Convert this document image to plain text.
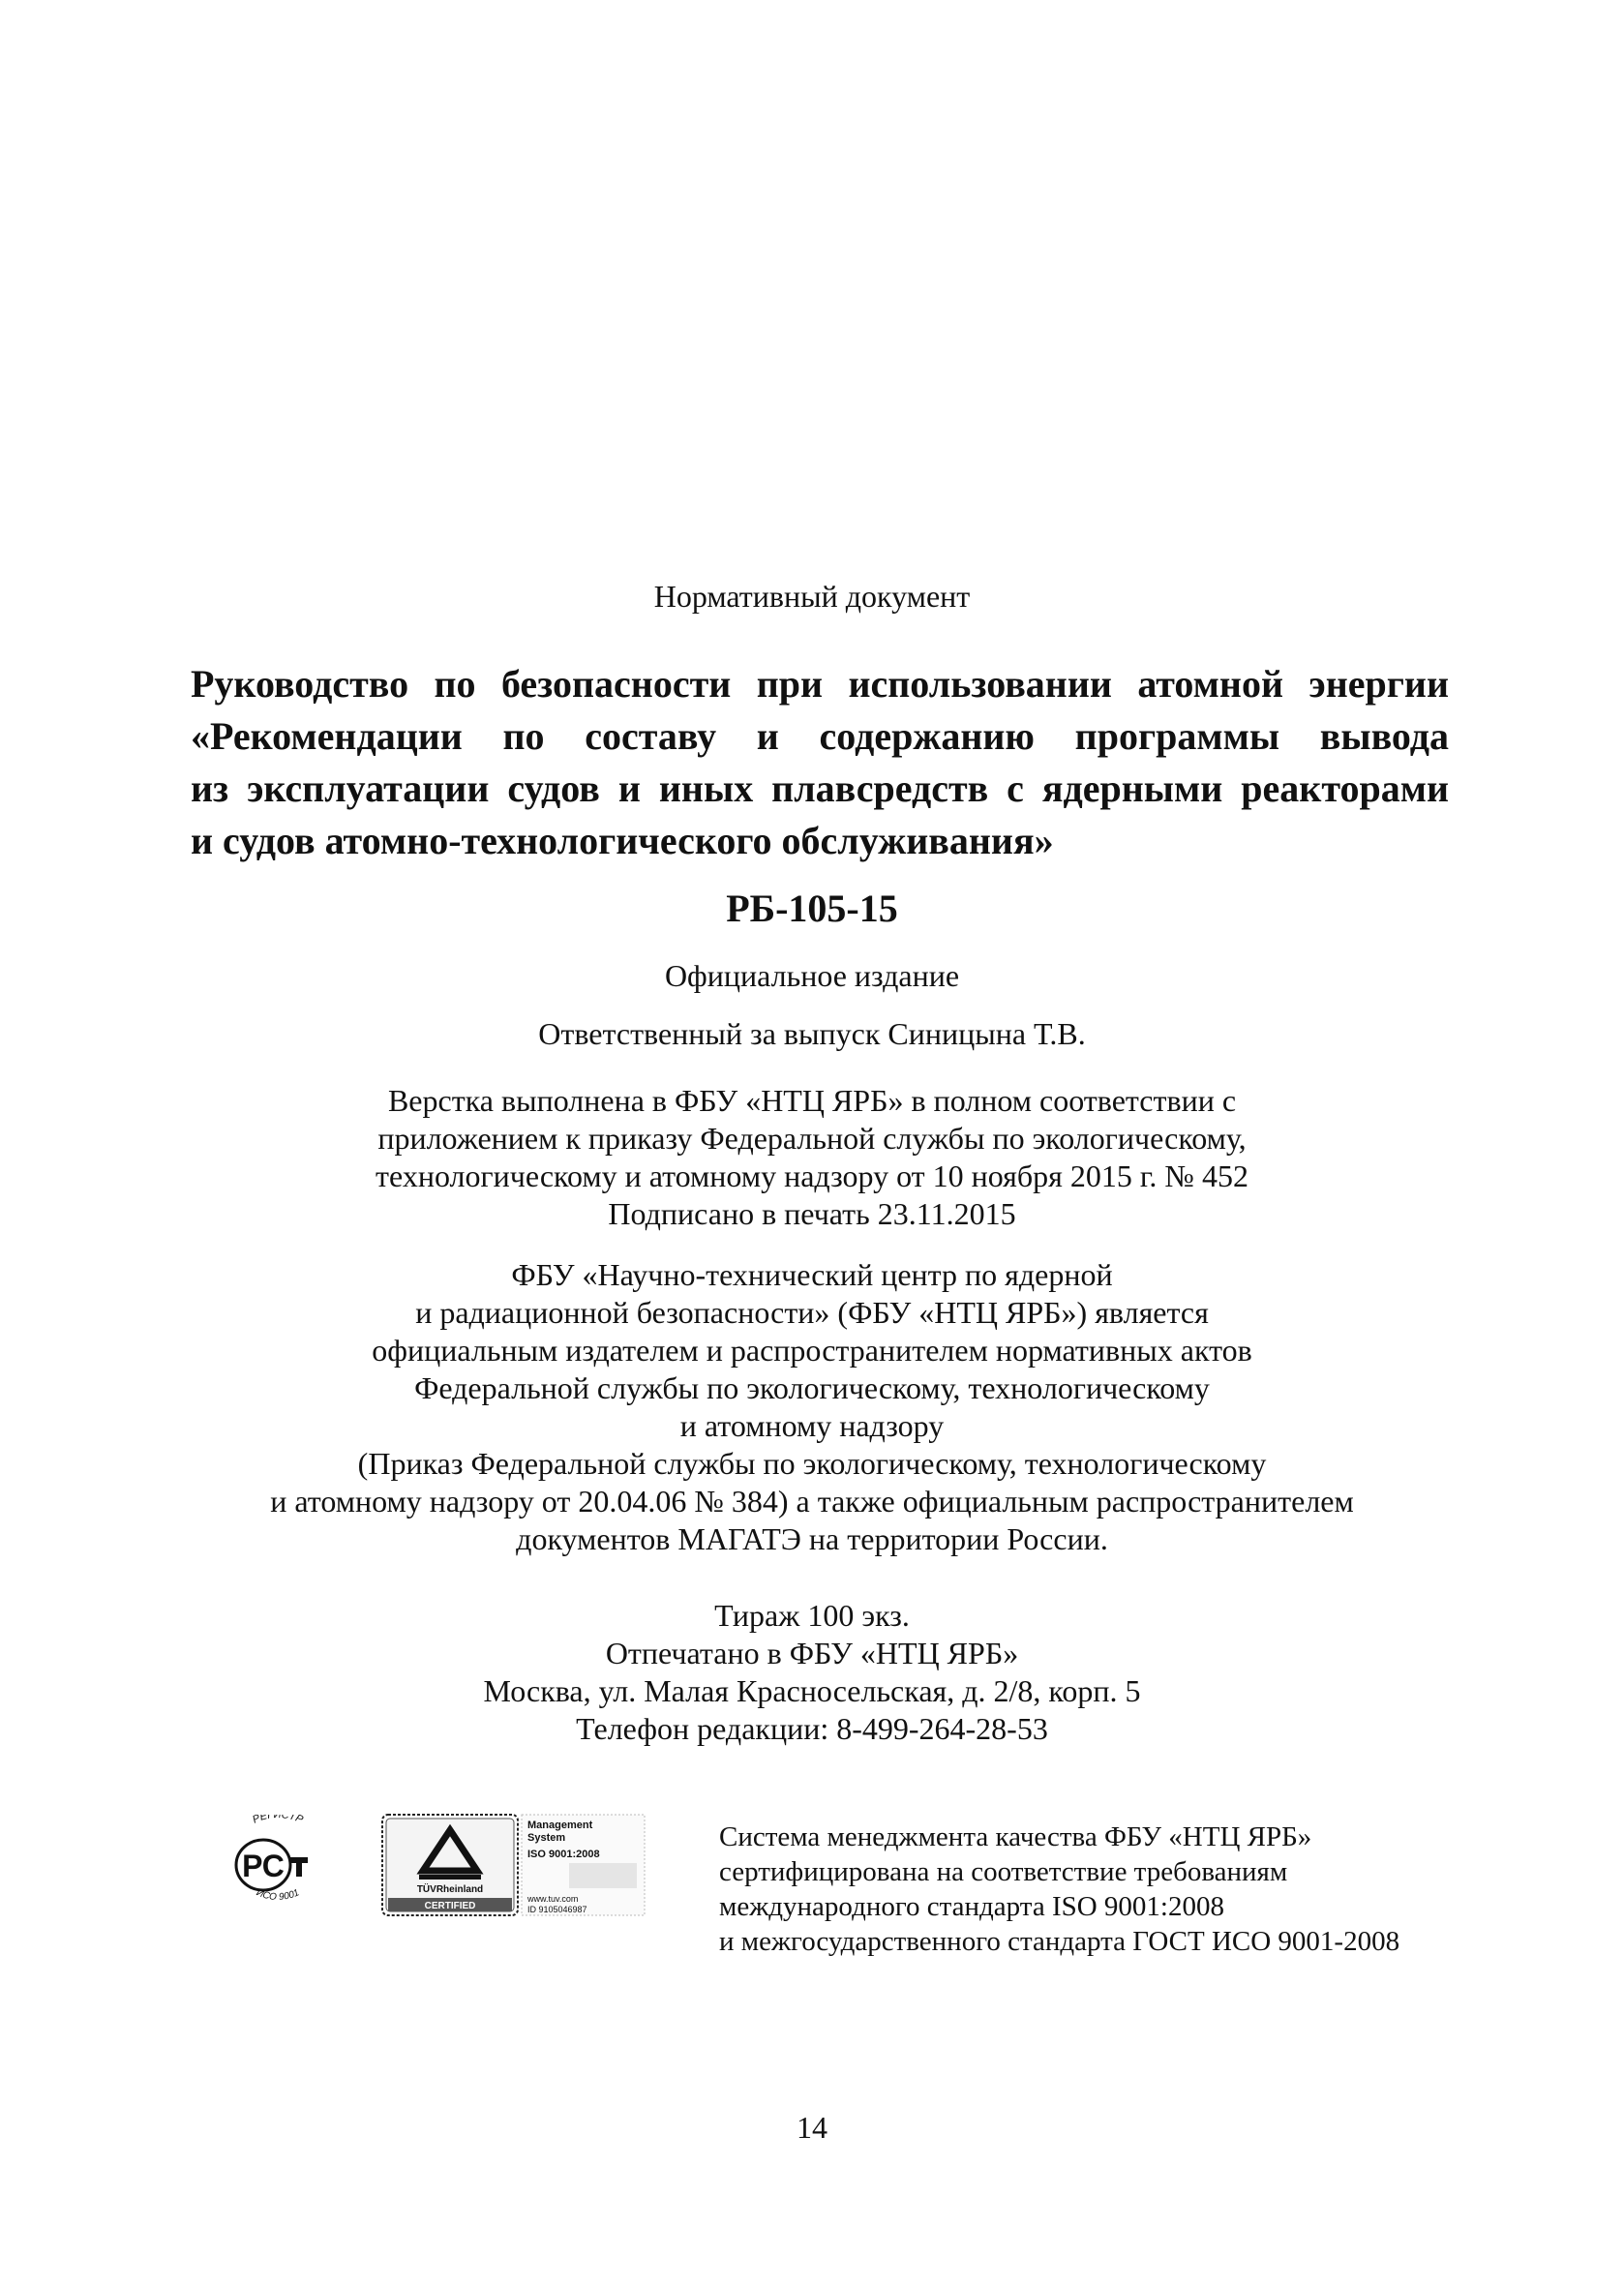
Нормативный документ
Руководство по безопасности при использовании атомной энергии
«Рекомендации по составу и содержанию программы вывода
из эксплуатации судов и иных плавсредств с ядерными реакторами
и судов атомно-технологического обслуживания»
РБ-105-15
Официальное издание
Ответственный за выпуск Синицына Т.В.
Верстка выполнена в ФБУ «НТЦ ЯРБ» в полном соответствии с
приложением к приказу Федеральной службы по экологическому,
технологическому и атомному надзору от 10 ноября 2015 г. № 452
Подписано в печать 23.11.2015
ФБУ «Научно-технический центр по ядерной
и радиационной безопасности» (ФБУ «НТЦ ЯРБ») является
официальным издателем и распространителем нормативных актов
Федеральной службы по экологическому, технологическому
и атомному надзору
(Приказ Федеральной службы по экологическому, технологическому
и атомному надзору от 20.04.06 № 384) а также официальным распространителем
документов МАГАТЭ на территории России.
Тираж 100 экз.
Отпечатано в ФБУ «НТЦ ЯРБ»
Москва, ул. Малая Красносельская, д. 2/8, корп. 5
Телефон редакции: 8-499-264-28-53
РЕГИСТР
РС
ИСО 9001	TÜVRheinland
CERTIFIED
Management
System
ISO 9001:2008
www.tuv.com
ID 9105046987
Система менеджмента качества ФБУ «НТЦ ЯРБ»
сертифицирована на соответствие требованиям
международного стандарта ISO 9001:2008
и межгосударственного стандарта ГОСТ ИСО 9001-2008
14
